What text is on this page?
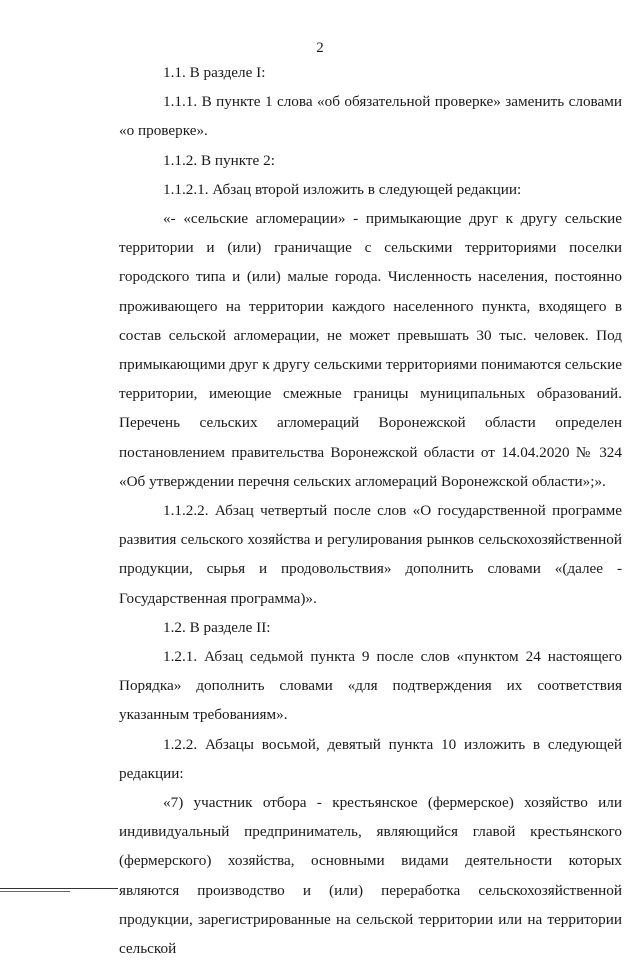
2

1.1. В разделе I:

1.1.1. В пункте 1 слова «об обязательной проверке» заменить словами «о проверке».

1.1.2. В пункте 2:

1.1.2.1. Абзац второй изложить в следующей редакции:

«- «сельские агломерации» - примыкающие друг к другу сельские территории и (или) граничащие с сельскими территориями поселки городского типа и (или) малые города. Численность населения, постоянно проживающего на территории каждого населенного пункта, входящего в состав сельской агломерации, не может превышать 30 тыс. человек. Под примыкающими друг к другу сельскими территориями понимаются сельские территории, имеющие смежные границы муниципальных образований. Перечень сельских агломераций Воронежской области определен постановлением правительства Воронежской области от 14.04.2020 № 324 «Об утверждении перечня сельских агломераций Воронежской области»;».

1.1.2.2. Абзац четвертый после слов «О государственной программе развития сельского хозяйства и регулирования рынков сельскохозяйственной продукции, сырья и продовольствия» дополнить словами «(далее - Государственная программа)».

1.2. В разделе II:

1.2.1. Абзац седьмой пункта 9 после слов «пунктом 24 настоящего Порядка» дополнить словами «для подтверждения их соответствия указанным требованиям».

1.2.2. Абзацы восьмой, девятый пункта 10 изложить в следующей редакции:

«7) участник отбора - крестьянское (фермерское) хозяйство или индивидуальный предприниматель, являющийся главой крестьянского (фермерского) хозяйства, основными видами деятельности которых являются производство и (или) переработка сельскохозяйственной продукции, зарегистрированные на сельской территории или на территории сельской
